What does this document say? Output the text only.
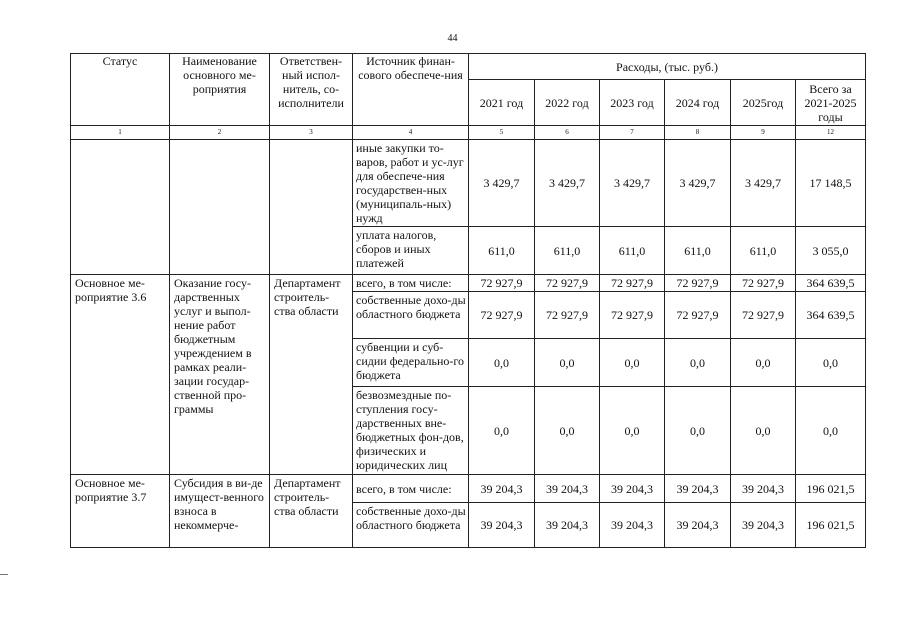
44
Статус	Наименование основного ме-роприятия	Ответствен-ный испол-нитель, со-исполнители	Источник финан-сового обеспече-ния	Расходы, (тыс. руб.)					
				2021 год	2022 год	2023 год	2024 год	2025год	Всего за 2021-2025 годы
1	2	3	4	5	6	7	8	9	12
			иные закупки то-варов, работ и ус-луг для обеспече-ния государствен-ных (муниципаль-ных) нужд	3 429,7	3 429,7	3 429,7	3 429,7	3 429,7	17 148,5
			уплата налогов, сборов и иных платежей	611,0	611,0	611,0	611,0	611,0	3 055,0
Основное ме-роприятие 3.6	Оказание госу-дарственных услуг и выпол-нение работ бюджетным учреждением в рамках реали-зации государ-ственной про-граммы	Департамент строитель-ства области	всего, в том числе:	72 927,9	72 927,9	72 927,9	72 927,9	72 927,9	364 639,5
			собственные дохо-ды областного бюджета	72 927,9	72 927,9	72 927,9	72 927,9	72 927,9	364 639,5
			субвенции и суб-сидии федерально-го бюджета	0,0	0,0	0,0	0,0	0,0	0,0
			безвозмездные по-ступления госу-дарственных вне-бюджетных фон-дов, физических и юридических лиц	0,0	0,0	0,0	0,0	0,0	0,0
Основное ме-роприятие 3.7	Субсидия в ви-де имущест-венного взноса в некоммерче-	Департамент строитель-ства области	всего, в том числе:	39 204,3	39 204,3	39 204,3	39 204,3	39 204,3	196 021,5
			собственные дохо-ды областного бюджета	39 204,3	39 204,3	39 204,3	39 204,3	39 204,3	196 021,5
